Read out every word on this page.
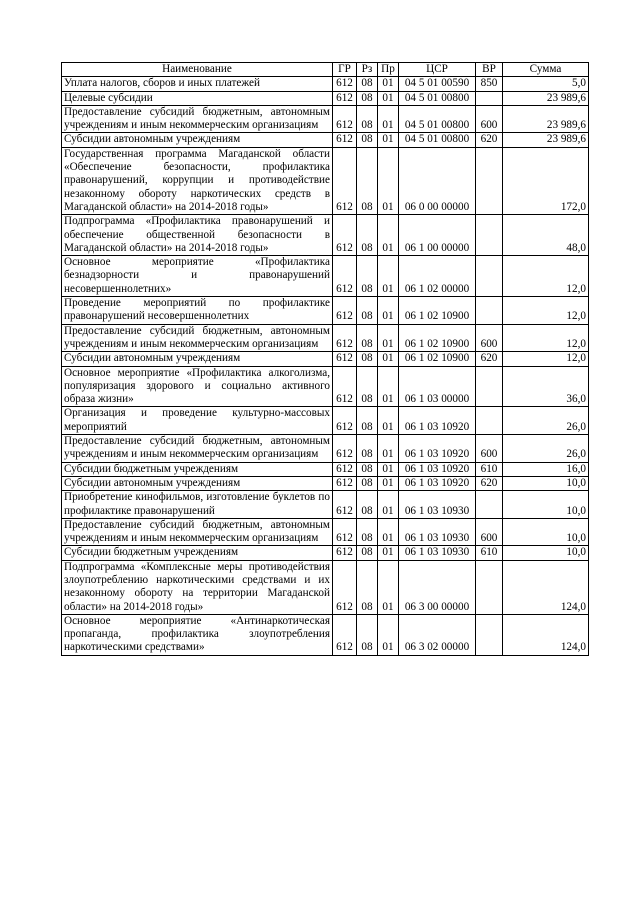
Наименование	ГР	Рз	Пр	ЦСР	ВР	Сумма
Уплата налогов, сборов и иных платежей	612	08	01	04 5 01 00590	850	5,0
Целевые субсидии	612	08	01	04 5 01 00800		23 989,6
Предоставление субсидий бюджетным, автономным учреждениям и иным некоммерческим организациям	612	08	01	04 5 01 00800	600	23 989,6
Субсидии автономным учреждениям	612	08	01	04 5 01 00800	620	23 989,6
Государственная программа Магаданской области «Обеспечение безопасности, профилактика правонарушений, коррупции и противодействие незаконному обороту наркотических средств в Магаданской области» на 2014-2018 годы»	612	08	01	06 0 00 00000		172,0
Подпрограмма «Профилактика правонарушений и обеспечение общественной безопасности в Магаданской области» на 2014-2018 годы»	612	08	01	06 1 00 00000		48,0
Основное мероприятие «Профилактика безнадзорности и правонарушений несовершеннолетних»	612	08	01	06 1 02 00000		12,0
Проведение мероприятий по профилактике правонарушений несовершеннолетних	612	08	01	06 1 02 10900		12,0
Предоставление субсидий бюджетным, автономным учреждениям и иным некоммерческим организациям	612	08	01	06 1 02 10900	600	12,0
Субсидии автономным учреждениям	612	08	01	06 1 02 10900	620	12,0
Основное мероприятие «Профилактика алкоголизма, популяризация здорового и социально активного образа жизни»	612	08	01	06 1 03 00000		36,0
Организация и проведение культурно-массовых мероприятий	612	08	01	06 1 03 10920		26,0
Предоставление субсидий бюджетным, автономным учреждениям и иным некоммерческим организациям	612	08	01	06 1 03 10920	600	26,0
Субсидии бюджетным учреждениям	612	08	01	06 1 03 10920	610	16,0
Субсидии автономным учреждениям	612	08	01	06 1 03 10920	620	10,0
Приобретение кинофильмов, изготовление буклетов по профилактике правонарушений	612	08	01	06 1 03 10930		10,0
Предоставление субсидий бюджетным, автономным учреждениям и иным некоммерческим организациям	612	08	01	06 1 03 10930	600	10,0
Субсидии бюджетным учреждениям	612	08	01	06 1 03 10930	610	10,0
Подпрограмма «Комплексные меры противодействия злоупотреблению наркотическими средствами и их незаконному обороту на территории Магаданской области» на 2014-2018 годы»	612	08	01	06 3 00 00000		124,0
Основное мероприятие «Антинаркотическая пропаганда, профилактика злоупотребления наркотическими средствами»	612	08	01	06 3 02 00000		124,0
